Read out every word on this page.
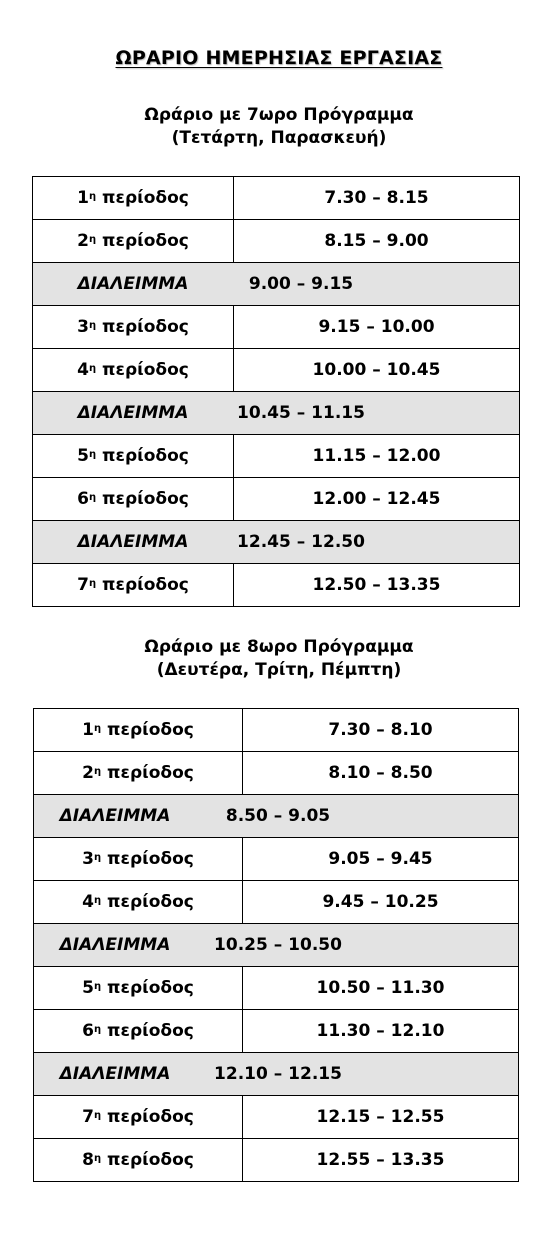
ΩΡΑΡΙΟ ΗΜΕΡΗΣΙΑΣ ΕΡΓΑΣΙΑΣ
Ωράριο με 7ωρο Πρόγραμμα
(Τετάρτη, Παρασκευή)
$1^\eta$ περίοδος	7.30 – 8.15
$2^\eta$ περίοδος	8.15 – 9.00

ΔΙΑΛΕΙΜΜΑ 9.00 – 9.15	

$3^\eta$ περίοδος	9.15 – 10.00
$4^\eta$ περίοδος	10.00 – 10.45

ΔΙΑΛΕΙΜΜΑ 10.45 – 11.15	

$5^\eta$ περίοδος	11.15 – 12.00
$6^\eta$ περίοδος	12.00 – 12.45

ΔΙΑΛΕΙΜΜΑ 12.45 – 12.50	

$7^\eta$ περίοδος	12.50 – 13.35
Ωράριο με 8ωρο Πρόγραμμα
(Δευτέρα, Τρίτη, Πέμπτη)
$1^\eta$ περίοδος	7.30 – 8.10
$2^\eta$ περίοδος	8.10 – 8.50

ΔΙΑΛΕΙΜΜΑ 8.50 – 9.05	

$3^\eta$ περίοδος	9.05 – 9.45
$4^\eta$ περίοδος	9.45 – 10.25

ΔΙΑΛΕΙΜΜΑ 10.25 – 10.50	

$5^\eta$ περίοδος	10.50 – 11.30
$6^\eta$ περίοδος	11.30 – 12.10

ΔΙΑΛΕΙΜΜΑ 12.10 – 12.15	

$7^\eta$ περίοδος	12.15 – 12.55
$8^\eta$ περίοδος	12.55 – 13.35
